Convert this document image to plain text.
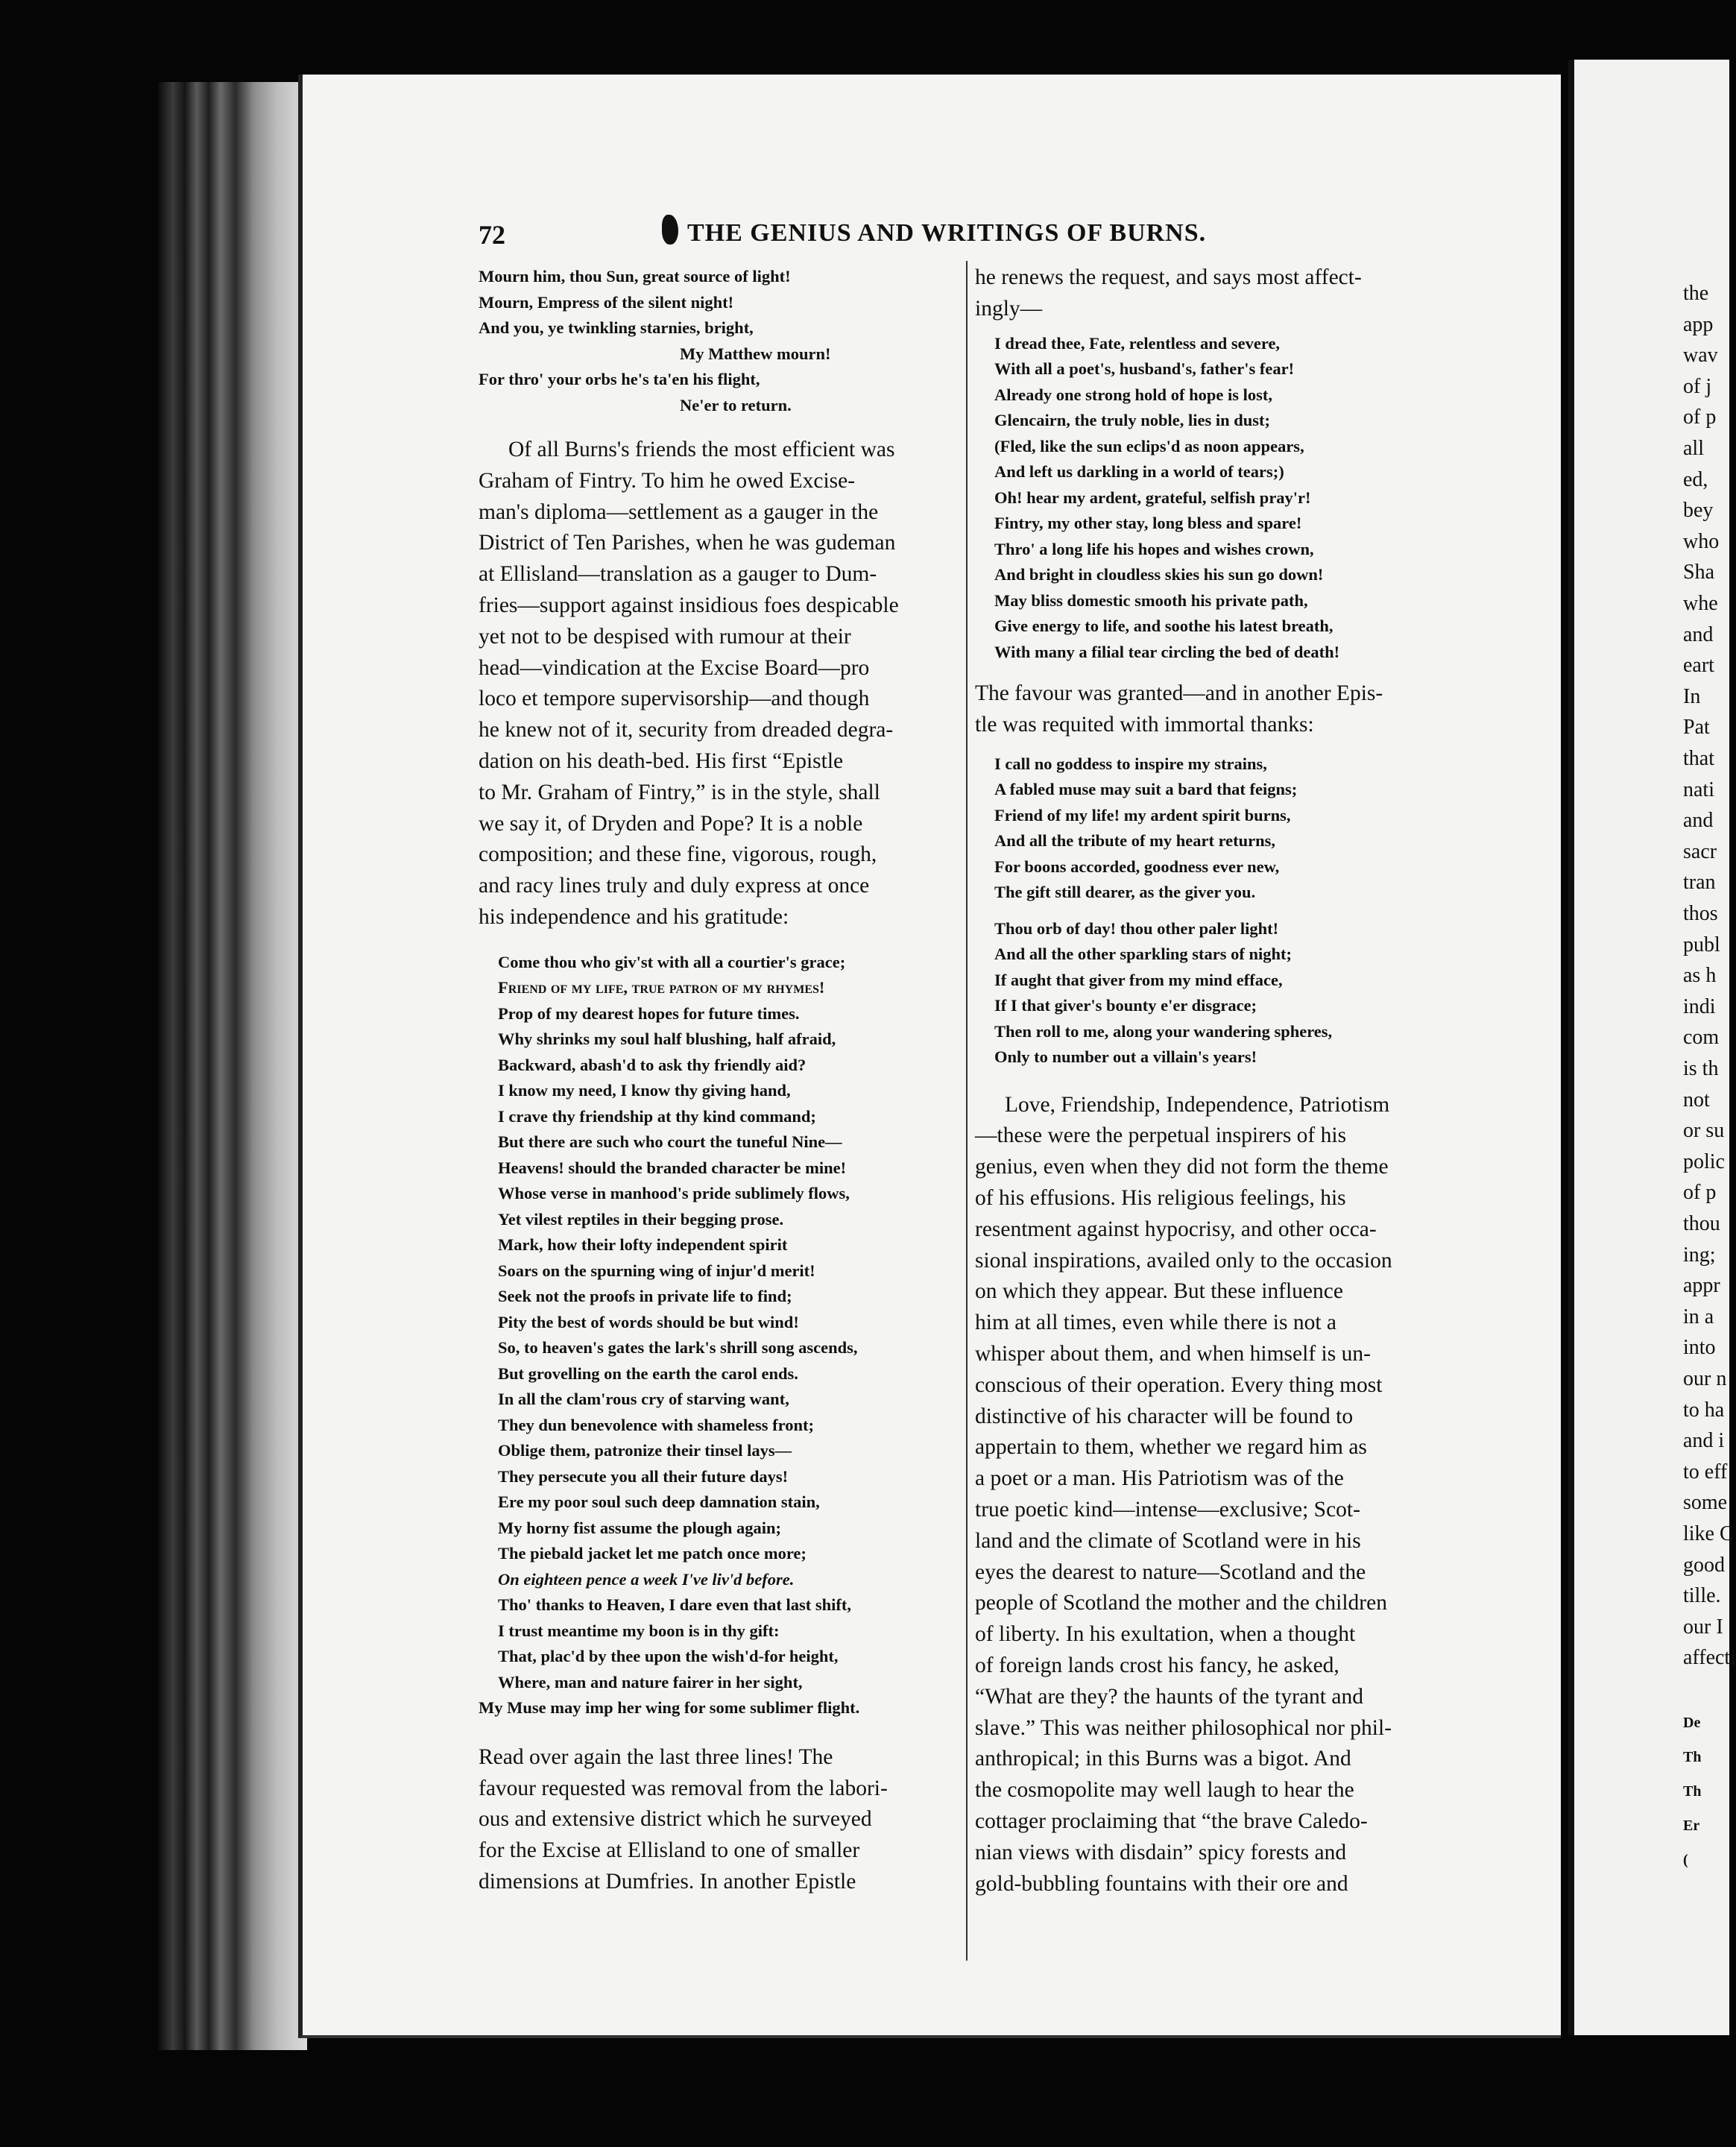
72	THE GENIUS AND WRITINGS OF BURNS.
Mourn him, thou Sun, great source of light!
Mourn, Empress of the silent night!
And you, ye twinkling starnies, bright,
My Matthew mourn!
For thro' your orbs he's ta'en his flight,
Ne'er to return.
Of all Burns's friends the most efficient was
Graham of Fintry. To him he owed Excise-
man's diploma—settlement as a gauger in the
District of Ten Parishes, when he was gudeman
at Ellisland—translation as a gauger to Dum-
fries—support against insidious foes despicable
yet not to be despised with rumour at their
head—vindication at the Excise Board—pro
loco et tempore supervisorship—and though
he knew not of it, security from dreaded degra-
dation on his death-bed. His first “Epistle
to Mr. Graham of Fintry,” is in the style, shall
we say it, of Dryden and Pope? It is a noble
composition; and these fine, vigorous, rough,
and racy lines truly and duly express at once
his independence and his gratitude:
Come thou who giv'st with all a courtier's grace;
Friend of my life, true patron of my rhymes!
Prop of my dearest hopes for future times.
Why shrinks my soul half blushing, half afraid,
Backward, abash'd to ask thy friendly aid?
I know my need, I know thy giving hand,
I crave thy friendship at thy kind command;
But there are such who court the tuneful Nine—
Heavens! should the branded character be mine!
Whose verse in manhood's pride sublimely flows,
Yet vilest reptiles in their begging prose.
Mark, how their lofty independent spirit
Soars on the spurning wing of injur'd merit!
Seek not the proofs in private life to find;
Pity the best of words should be but wind!
So, to heaven's gates the lark's shrill song ascends,
But grovelling on the earth the carol ends.
In all the clam'rous cry of starving want,
They dun benevolence with shameless front;
Oblige them, patronize their tinsel lays—
They persecute you all their future days!
Ere my poor soul such deep damnation stain,
My horny fist assume the plough again;
The piebald jacket let me patch once more;
On eighteen pence a week I've liv'd before.
Tho' thanks to Heaven, I dare even that last shift,
I trust meantime my boon is in thy gift:
That, plac'd by thee upon the wish'd-for height,
Where, man and nature fairer in her sight,
My Muse may imp her wing for some sublimer flight.
Read over again the last three lines! The
favour requested was removal from the labori-
ous and extensive district which he surveyed
for the Excise at Ellisland to one of smaller
dimensions at Dumfries. In another Epistle
he renews the request, and says most affect-
ingly—
I dread thee, Fate, relentless and severe,
With all a poet's, husband's, father's fear!
Already one strong hold of hope is lost,
Glencairn, the truly noble, lies in dust;
(Fled, like the sun eclips'd as noon appears,
And left us darkling in a world of tears;)
Oh! hear my ardent, grateful, selfish pray'r!
Fintry, my other stay, long bless and spare!
Thro' a long life his hopes and wishes crown,
And bright in cloudless skies his sun go down!
May bliss domestic smooth his private path,
Give energy to life, and soothe his latest breath,
With many a filial tear circling the bed of death!
The favour was granted—and in another Epis-
tle was requited with immortal thanks:
I call no goddess to inspire my strains,
A fabled muse may suit a bard that feigns;
Friend of my life! my ardent spirit burns,
And all the tribute of my heart returns,
For boons accorded, goodness ever new,
The gift still dearer, as the giver you.
Thou orb of day! thou other paler light!
And all the other sparkling stars of night;
If aught that giver from my mind efface,
If I that giver's bounty e'er disgrace;
Then roll to me, along your wandering spheres,
Only to number out a villain's years!
Love, Friendship, Independence, Patriotism
—these were the perpetual inspirers of his
genius, even when they did not form the theme
of his effusions. His religious feelings, his
resentment against hypocrisy, and other occa-
sional inspirations, availed only to the occasion
on which they appear. But these influence
him at all times, even while there is not a
whisper about them, and when himself is un-
conscious of their operation. Every thing most
distinctive of his character will be found to
appertain to them, whether we regard him as
a poet or a man. His Patriotism was of the
true poetic kind—intense—exclusive; Scot-
land and the climate of Scotland were in his
eyes the dearest to nature—Scotland and the
people of Scotland the mother and the children
of liberty. In his exultation, when a thought
of foreign lands crost his fancy, he asked,
“What are they? the haunts of the tyrant and
slave.” This was neither philosophical nor phil-
anthropical; in this Burns was a bigot. And
the cosmopolite may well laugh to hear the
cottager proclaiming that “the brave Caledo-
nian views with disdain” spicy forests and
gold-bubbling fountains with their ore and
the
app
wav
of j
of p
all
ed,
bey
who
Sha
whe
and
eart
In
Pat
that
nati
and
sacr
tran
thos
publ
as h
indi
com
is th
not
or su
polic
of p
thou
ing;
appr
in a
into
our n
to ha
and i
to eff
some
like C
good
tille.
our I
affecti
De
Th
Th
Er
(
